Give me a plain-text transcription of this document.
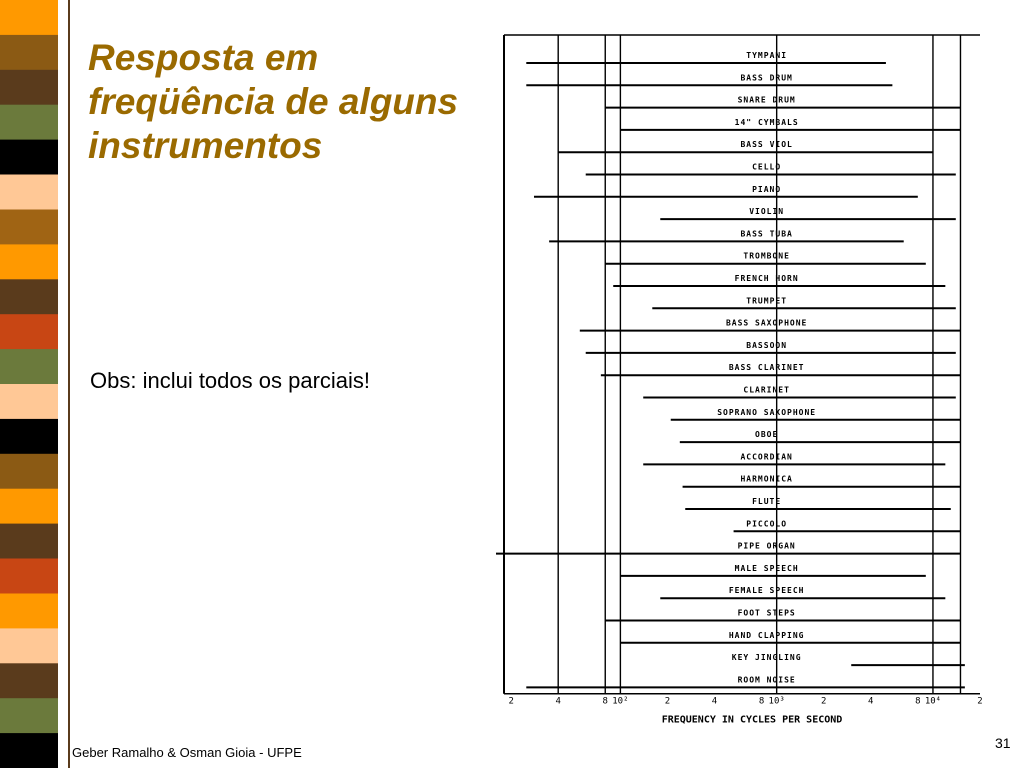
Resposta em freqüência de alguns instrumentos
Obs: inclui todos os parciais!
TYMPANI
BASS DRUM
SNARE DRUM
14" CYMBALS
BASS VIOL
CELLO
PIANO
VIOLIN
BASS TUBA
TROMBONE
FRENCH HORN
TRUMPET
BASS SAXOPHONE
BASSOON
BASS CLARINET
CLARINET
SOPRANO SAXOPHONE
OBOE
ACCORDIAN
HARMONICA
FLUTE
PICCOLO
PIPE ORGAN
MALE SPEECH
FEMALE SPEECH
FOOT STEPS
HAND CLAPPING
KEY JINGLING
ROOM NOISE
2	4	8 10²	2	4	8 10³	2	4	8 10⁴	2
FREQUENCY IN CYCLES PER SECOND
Geber Ramalho & Osman Gioia - UFPE
31
